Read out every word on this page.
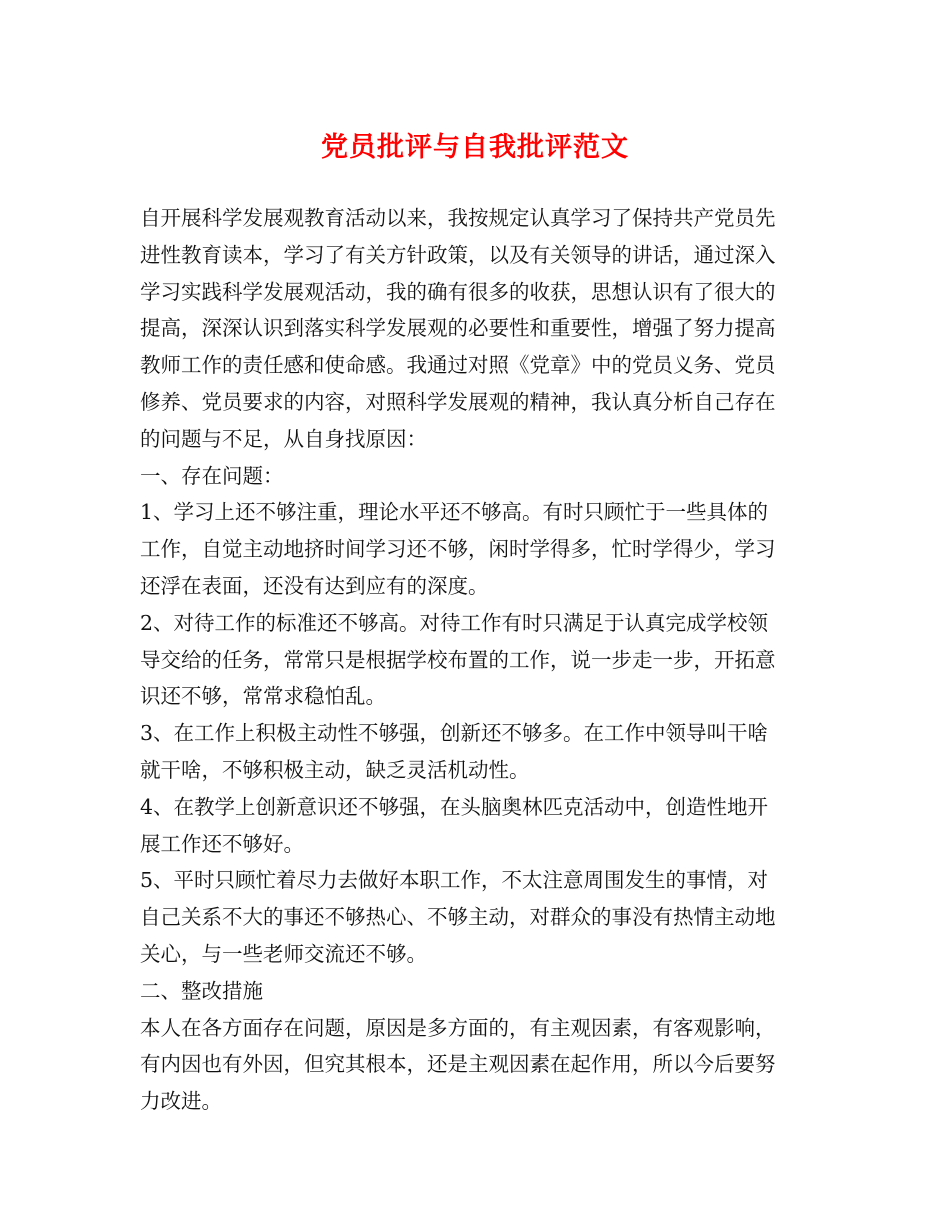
党员批评与自我批评范文
自开展科学发展观教育活动以来，我按规定认真学习了保持共产党员先
进性教育读本，学习了有关方针政策，以及有关领导的讲话，通过深入
学习实践科学发展观活动，我的确有很多的收获，思想认识有了很大的
提高，深深认识到落实科学发展观的必要性和重要性，增强了努力提高
教师工作的责任感和使命感。我通过对照《党章》中的党员义务、党员
修养、党员要求的内容，对照科学发展观的精神，我认真分析自己存在
的问题与不足，从自身找原因：
一、存在问题：
1、学习上还不够注重，理论水平还不够高。有时只顾忙于一些具体的
工作，自觉主动地挤时间学习还不够，闲时学得多，忙时学得少，学习
还浮在表面，还没有达到应有的深度。
2、对待工作的标准还不够高。对待工作有时只满足于认真完成学校领
导交给的任务，常常只是根据学校布置的工作，说一步走一步，开拓意
识还不够，常常求稳怕乱。
3、在工作上积极主动性不够强，创新还不够多。在工作中领导叫干啥
就干啥，不够积极主动，缺乏灵活机动性。
4、在教学上创新意识还不够强，在头脑奥林匹克活动中，创造性地开
展工作还不够好。
5、平时只顾忙着尽力去做好本职工作，不太注意周围发生的事情，对
自己关系不大的事还不够热心、不够主动，对群众的事没有热情主动地
关心，与一些老师交流还不够。
二、整改措施
本人在各方面存在问题，原因是多方面的，有主观因素，有客观影响，
有内因也有外因，但究其根本，还是主观因素在起作用，所以今后要努
力改进。
